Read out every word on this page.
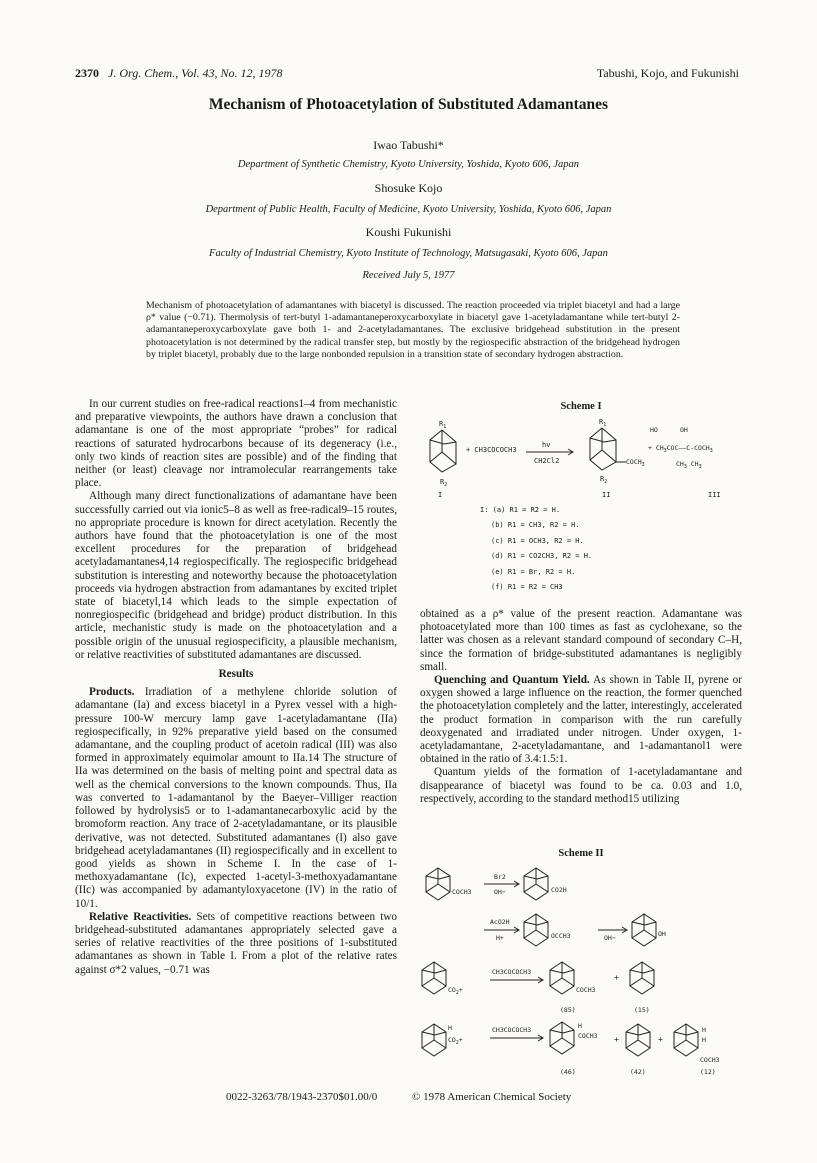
2370 J. Org. Chem., Vol. 43, No. 12, 1978	Tabushi, Kojo, and Fukunishi
Mechanism of Photoacetylation of Substituted Adamantanes
Iwao Tabushi*
Department of Synthetic Chemistry, Kyoto University, Yoshida, Kyoto 606, Japan
Shosuke Kojo
Department of Public Health, Faculty of Medicine, Kyoto University, Yoshida, Kyoto 606, Japan
Koushi Fukunishi
Faculty of Industrial Chemistry, Kyoto Institute of Technology, Matsugasaki, Kyoto 606, Japan
Received July 5, 1977
Mechanism of photoacetylation of adamantanes with biacetyl is discussed. The reaction proceeded via triplet biacetyl and had a large ρ* value (−0.71). Thermolysis of tert-butyl 1-adamantaneperoxycarboxylate in biacetyl gave 1-acetyladamantane while tert-butyl 2-adamantaneperoxycarboxylate gave both 1- and 2-acetyladamantanes. The exclusive bridgehead substitution in the present photoacetylation is not determined by the radical transfer step, but mostly by the regiospecific abstraction of the bridgehead hydrogen by triplet biacetyl, probably due to the large nonbonded repulsion in a transition state of secondary hydrogen abstraction.

In our current studies on free-radical reactions1–4 from mechanistic and preparative viewpoints, the authors have drawn a conclusion that adamantane is one of the most appropriate “probes” for radical reactions of saturated hydrocarbons because of its degeneracy (i.e., only two kinds of reaction sites are possible) and of the finding that neither (or least) cleavage nor intramolecular rearrangements take place.

Although many direct functionalizations of adamantane have been successfully carried out via ionic5–8 as well as free-radical9–15 routes, no appropriate procedure is known for direct acetylation. Recently the authors have found that the photoacetylation is one of the most excellent procedures for the preparation of bridgehead acetyladamantanes4,14 regiospecifically. The regiospecific bridgehead substitution is interesting and noteworthy because the photoacetylation proceeds via hydrogen abstraction from adamantanes by excited triplet state of biacetyl,14 which leads to the simple expectation of nonregiospecific (bridgehead and bridge) product distribution. In this article, mechanistic study is made on the photoacetylation and a possible origin of the unusual regiospecificity, a plausible mechanism, or relative reactivities of substituted adamantanes are discussed.

Results

Products. Irradiation of a methylene chloride solution of adamantane (Ia) and excess biacetyl in a Pyrex vessel with a high-pressure 100-W mercury lamp gave 1-acetyladamantane (IIa) regiospecifically, in 92% preparative yield based on the consumed adamantane, and the coupling product of acetoin radical (III) was also formed in approximately equimolar amount to IIa.14 The structure of IIa was determined on the basis of melting point and spectral data as well as the chemical conversions to the known compounds. Thus, IIa was converted to 1-adamantanol by the Baeyer–Villiger reaction followed by hydrolysis5 or to 1-adamantanecarboxylic acid by the bromoform reaction. Any trace of 2-acetyladamantane, or its plausible derivative, was not detected. Substituted adamantanes (I) also gave bridgehead acetyladamantanes (II) regiospecifically and in excellent to good yields as shown in Scheme I. In the case of 1-methoxyadamantane (Ic), expected 1-acetyl-3-methoxyadamantane (IIc) was accompanied by adamantyloxyacetone (IV) in the ratio of 10/1.

Relative Reactivities. Sets of competitive reactions between two bridgehead-substituted adamantanes appropriately selected gave a series of relative reactivities of the three positions of 1-substituted adamantanes as shown in Table I. From a plot of the relative rates against σ*2 values, −0.71 was

Scheme I
$R_1$
$R_2$
I
+ CH3COCOCH3
hv
CH2Cl2
$R_1$
$COCH_3$
$R_2$
II
HO	OH
+ $CH_3COC——C-COCH_3$
$CH_3$ $CH_3$
III
I: (a) R1 = R2 = H.
(b) R1 = CH3, R2 = H.
(c) R1 = OCH3, R2 = H.
(d) R1 = CO2CH3, R2 = H.
(e) R1 = Br, R2 = H.
(f) R1 = R2 = CH3

obtained as a ρ* value of the present reaction. Adamantane was photoacetylated more than 100 times as fast as cyclohexane, so the latter was chosen as a relevant standard compound of secondary C–H, since the formation of bridge-substituted adamantanes is negligibly small.

Quenching and Quantum Yield. As shown in Table II, pyrene or oxygen showed a large influence on the reaction, the former quenched the photoacetylation completely and the latter, interestingly, accelerated the product formation in comparison with the run carefully deoxygenated and irradiated under nitrogen. Under oxygen, 1-acetyladamantane, 2-acetyladamantane, and 1-adamantanol1 were obtained in the ratio of 3.4:1.5:1.

Quantum yields of the formation of 1-acetyladamantane and disappearance of biacetyl was found to be ca. 0.03 and 1.0, respectively, according to the standard method15 utilizing

Scheme II
COCH3
Br2
OH−	CO2H
AcO2H
H+	OCCH3	OH−	OH
$CO_2+$
CH3COCOCH3
COCH3
+
(85)	(15)
H
$CO_2+$
CH3COCOCH3	H
COCH3 +	+
H
H
COCH3
(46)	(42)	(12)
0022-3263/78/1943-2370$01.00/0	© 1978 American Chemical Society
